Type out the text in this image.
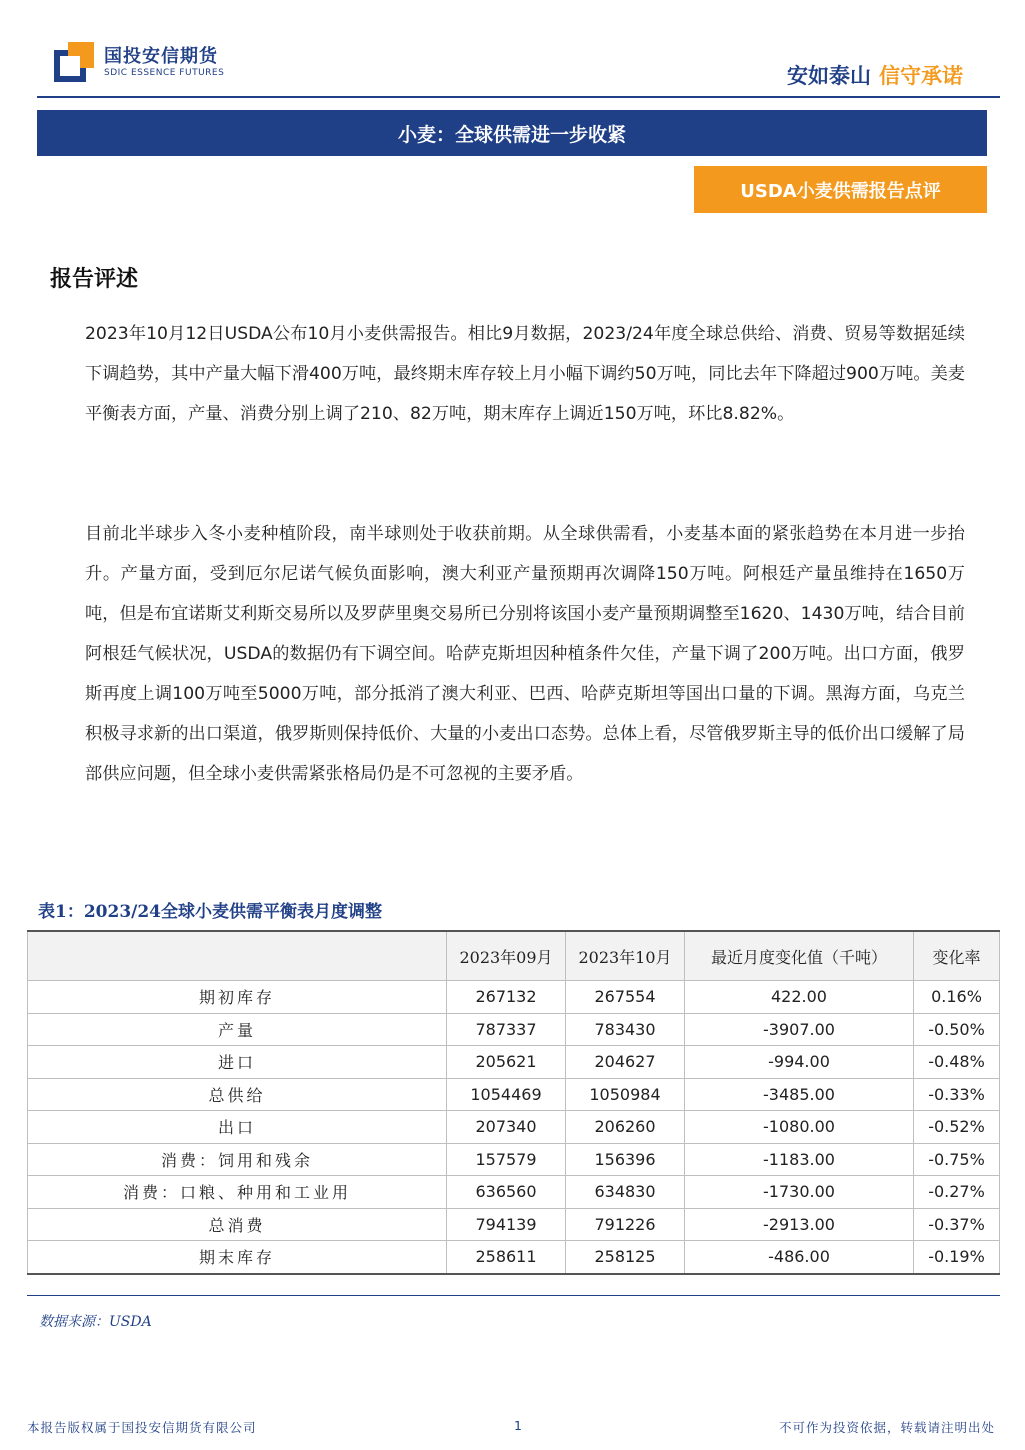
国投安信期货
SDIC ESSENCE FUTURES	安如泰山 信守承诺
小麦：全球供需进一步收紧
USDA小麦供需报告点评
报告评述
2023年10月12日USDA公布10月小麦供需报告。相比9月数据，2023/24年度全球总供给、消费、贸易等数据延续下调趋势，其中产量大幅下滑400万吨，最终期末库存较上月小幅下调约50万吨，同比去年下降超过900万吨。美麦平衡表方面，产量、消费分别上调了210、82万吨，期末库存上调近150万吨，环比8.82%。
目前北半球步入冬小麦种植阶段，南半球则处于收获前期。从全球供需看，小麦基本面的紧张趋势在本月进一步抬升。产量方面，受到厄尔尼诺气候负面影响，澳大利亚产量预期再次调降150万吨。阿根廷产量虽维持在1650万吨，但是布宜诺斯艾利斯交易所以及罗萨里奥交易所已分别将该国小麦产量预期调整至1620、1430万吨，结合目前阿根廷气候状况，USDA的数据仍有下调空间。哈萨克斯坦因种植条件欠佳，产量下调了200万吨。出口方面，俄罗斯再度上调100万吨至5000万吨，部分抵消了澳大利亚、巴西、哈萨克斯坦等国出口量的下调。黑海方面，乌克兰积极寻求新的出口渠道，俄罗斯则保持低价、大量的小麦出口态势。总体上看，尽管俄罗斯主导的低价出口缓解了局部供应问题，但全球小麦供需紧张格局仍是不可忽视的主要矛盾。
表1：2023/24全球小麦供需平衡表月度调整
	2023年09月	2023年10月	最近月度变化值（千吨）	变化率
期初库存	267132	267554	422.00	0.16%
产量	787337	783430	-3907.00	-0.50%
进口	205621	204627	-994.00	-0.48%
总供给	1054469	1050984	-3485.00	-0.33%
出口	207340	206260	-1080.00	-0.52%
消费：饲用和残余	157579	156396	-1183.00	-0.75%
消费：口粮、种用和工业用	636560	634830	-1730.00	-0.27%
总消费	794139	791226	-2913.00	-0.37%
期末库存	258611	258125	-486.00	-0.19%
数据来源：USDA
本报告版权属于国投安信期货有限公司	1	不可作为投资依据，转载请注明出处
